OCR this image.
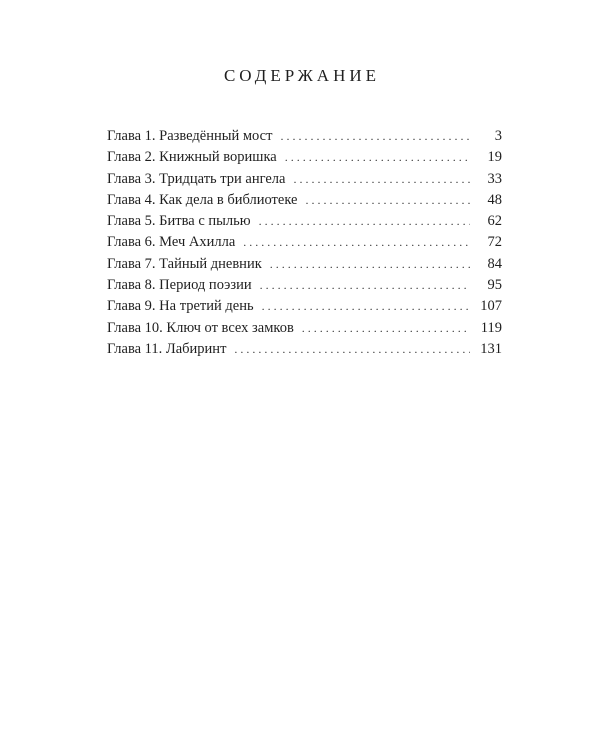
СОДЕРЖАНИЕ
Глава 1. Разведённый мост . . .	3
Глава 2. Книжный воришка . . .	19
Глава 3. Тридцать три ангела . . .	33
Глава 4. Как дела в библиотеке . . .	48
Глава 5. Битва с пылью . . .	62
Глава 6. Меч Ахилла . . .	72
Глава 7. Тайный дневник . . .	84
Глава 8. Период поэзии . . .	95
Глава 9. На третий день . . .	107
Глава 10. Ключ от всех замков . . .	119
Глава 11. Лабиринт . . .	131
